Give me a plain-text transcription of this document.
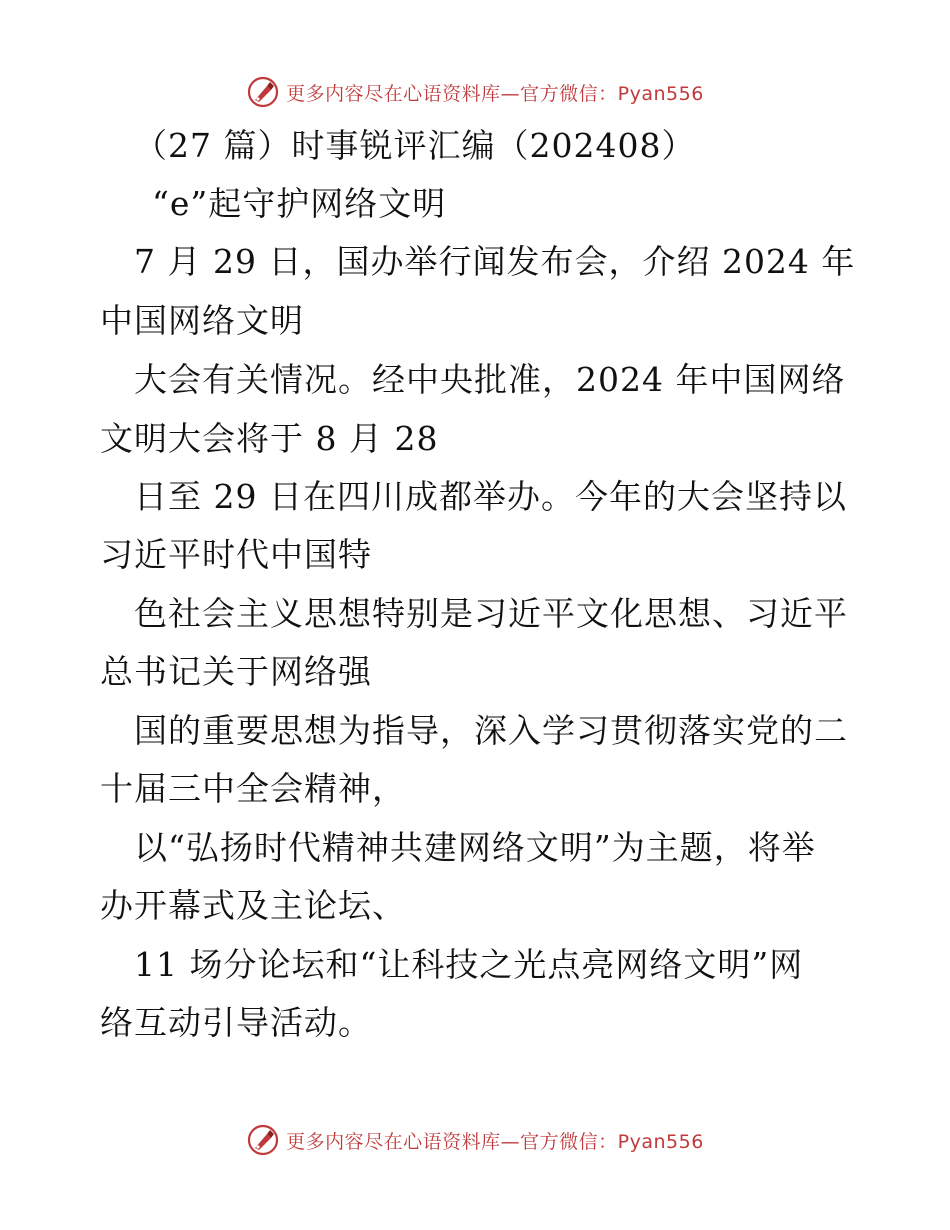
更多内容尽在心语资料库—官方微信：Pyan556
（27 篇）时事锐评汇编（202408）
“e”起守护网络文明
7 月 29 日，国办举行闻发布会，介绍 2024 年
中国网络文明
大会有关情况。经中央批准，2024 年中国网络
文明大会将于 8 月 28
日至 29 日在四川成都举办。今年的大会坚持以
习近平时代中国特
色社会主义思想特别是习近平文化思想、习近平
总书记关于网络强
国的重要思想为指导，深入学习贯彻落实党的二
十届三中全会精神，
以“弘扬时代精神共建网络文明”为主题，将举
办开幕式及主论坛、
11 场分论坛和“让科技之光点亮网络文明”网
络互动引导活动。
更多内容尽在心语资料库—官方微信：Pyan556
